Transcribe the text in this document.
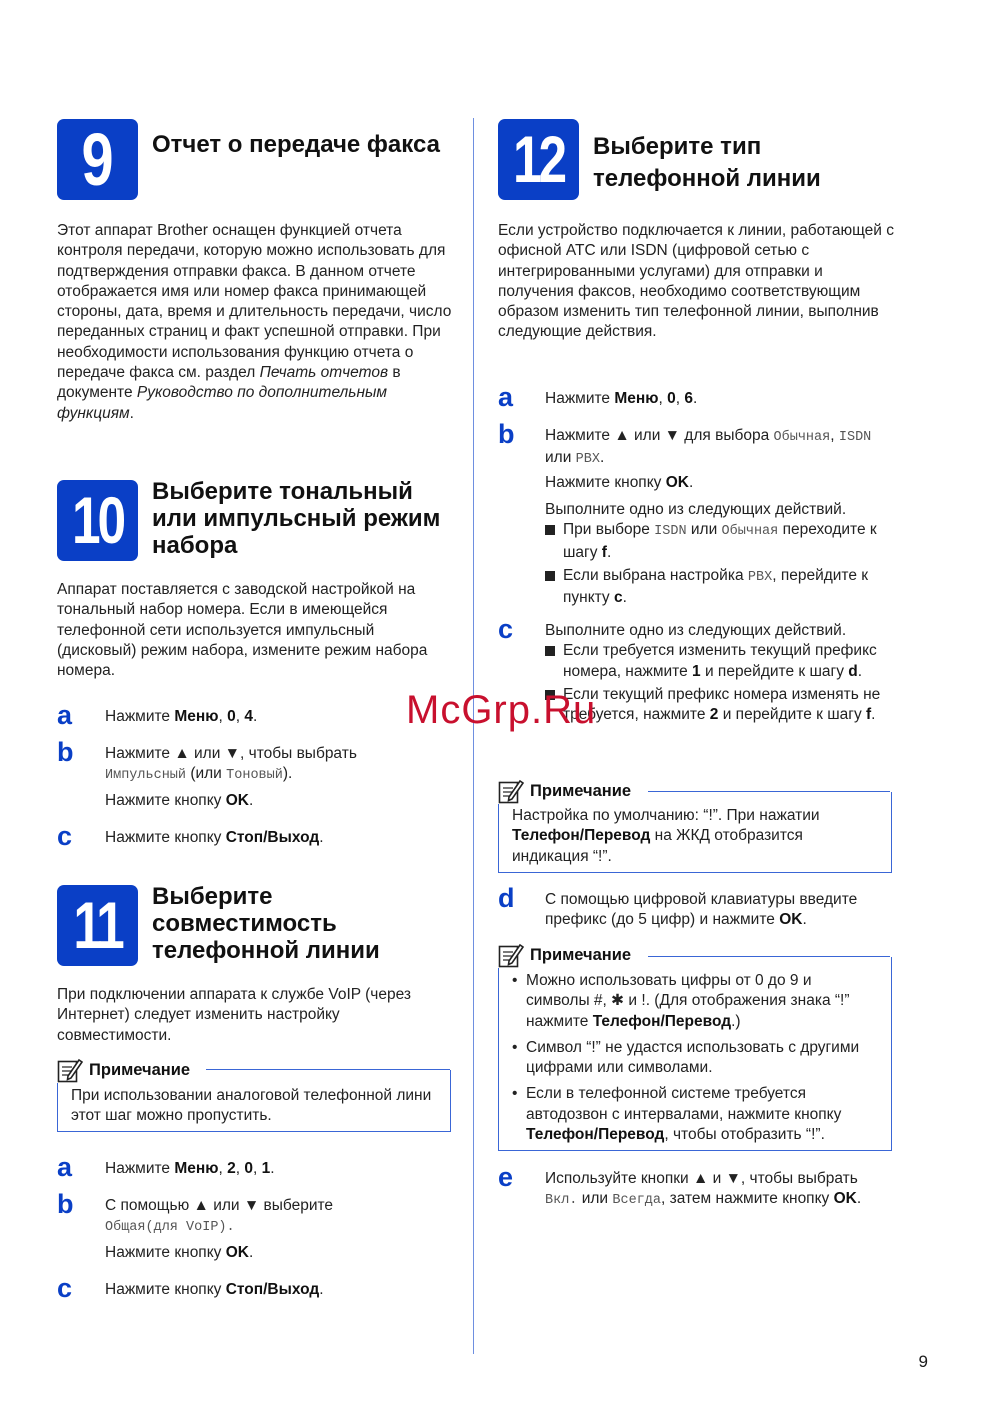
9	Отчет о передаче факса
Этот аппарат Brother оснащен функцией отчета контроля передачи, которую можно использовать для подтверждения отправки факса. В данном отчете отображается имя или номер факса принимающей стороны, дата, время и длительность передачи, число переданных страниц и факт успешной отправки. При необходимости использования функцию отчета о передаче факса см. раздел Печать отчетов в документе Руководство по дополнительным функциям.
10 Выберите тональный или импульсный режим набора
Аппарат поставляется с заводской настройкой на тональный набор номера. Если в имеющейся телефонной сети используется импульсный (дисковый) режим набора, измените режим набора номера.
a Нажмите Меню, 0, 4.
b Нажмите ▲ или ▼, чтобы выбрать
Импульсный (или Тоновый).
Нажмите кнопку OK.
c Нажмите кнопку Стоп/Выход.
11	Выберите совместимость телефонной линии
При подключении аппарата к службе VoIP (через Интернет) следует изменить настройку совместимости.
Примечание
При использовании аналоговой телефонной лини этот шаг можно пропустить.
a Нажмите Меню, 2, 0, 1.
b С помощью ▲ или ▼ выберите
Общая(для VoIP).
Нажмите кнопку OK.
c Нажмите кнопку Стоп/Выход.
12 Выберите тип телефонной линии
Если устройство подключается к линии, работающей с офисной АТС или ISDN (цифровой сетью с интегрированными услугами) для отправки и получения факсов, необходимо соответствующим образом изменить тип телефонной линии, выполнив следующие действия.
a Нажмите Меню, 0, 6.
b Нажмите ▲ или ▼ для выбора Обычная, ISDN или PBX.
Нажмите кнопку OK.
Выполните одно из следующих действий.
При выборе ISDN или Обычная переходите к шагу f.
Если выбрана настройка PBX, перейдите к пункту c.
c Выполните одно из следующих действий.
Если требуется изменить текущий префикс номера, нажмите 1 и перейдите к шагу d.
Если текущий префикс номера изменять не требуется, нажмите 2 и перейдите к шагу f.
Примечание
Настройка по умолчанию: “!”. При нажатии Телефон/Перевод на ЖКД отобразится индикация “!”.
d С помощью цифровой клавиатуры введите префикс (до 5 цифр) и нажмите OK.
Примечание
• Можно использовать цифры от 0 до 9 и символы #, ✱ и !. (Для отображения знака “!” нажмите Телефон/Перевод.)
• Символ “!” не удастся использовать с другими цифрами или символами.
• Если в телефонной системе требуется автодозвон с интервалами, нажмите кнопку Телефон/Перевод, чтобы отобразить “!”.
e Используйте кнопки ▲ и ▼, чтобы выбрать Вкл. или Всегда, затем нажмите кнопку OK.
McGrp.Ru
9
